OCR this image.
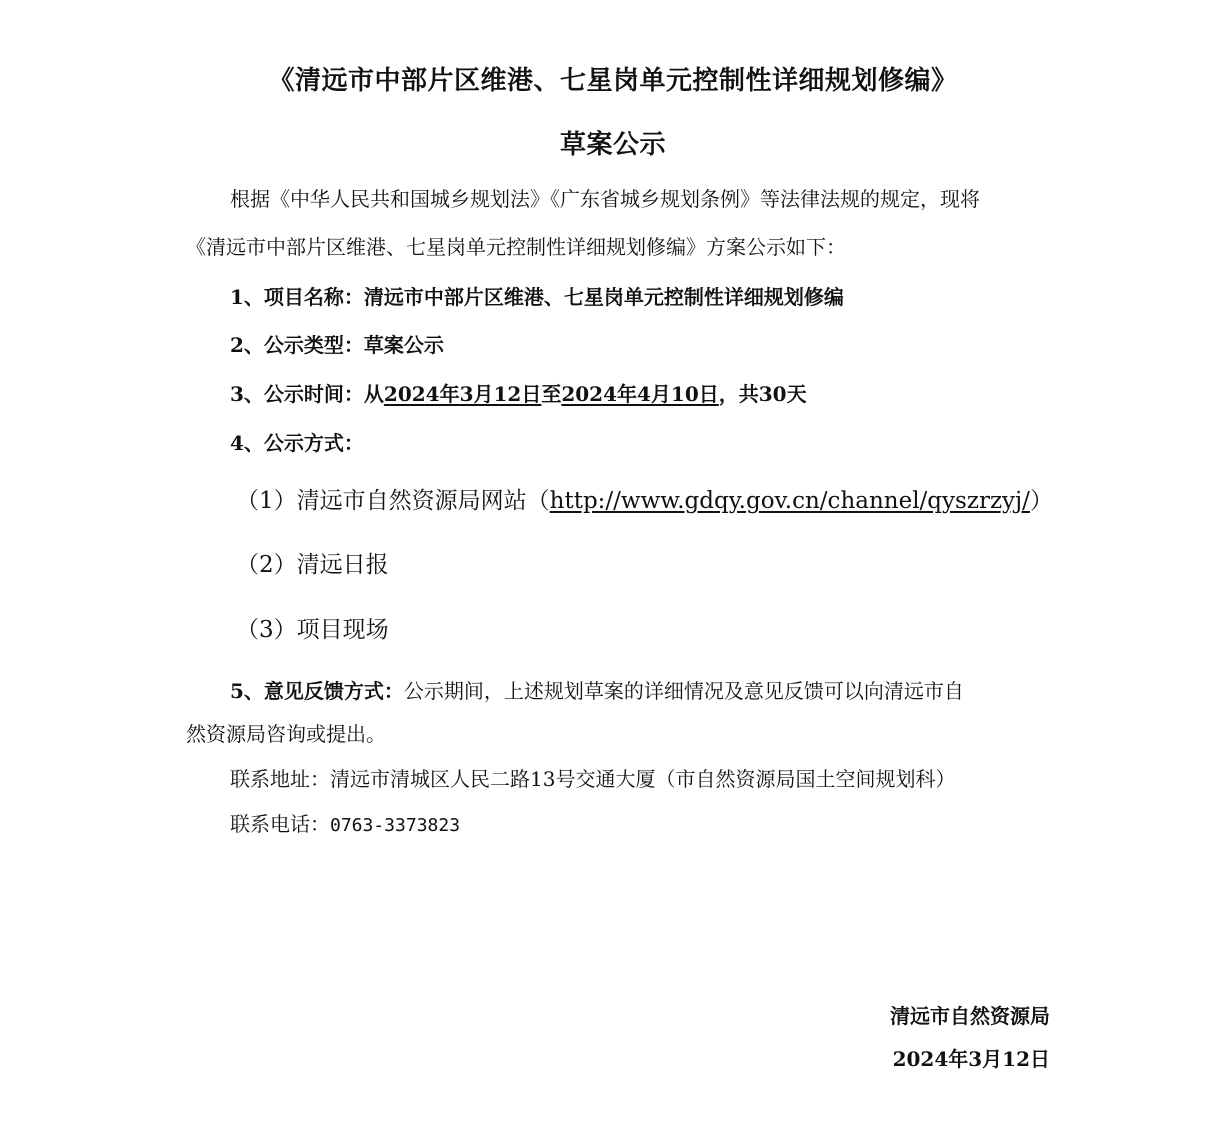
《清远市中部片区维港、七星岗单元控制性详细规划修编》
草案公示
根据《中华人民共和国城乡规划法》《广东省城乡规划条例》等法律法规的规定，现将
《清远市中部片区维港、七星岗单元控制性详细规划修编》方案公示如下：
1、项目名称：清远市中部片区维港、七星岗单元控制性详细规划修编
2、公示类型：草案公示
3、公示时间：从2024年3月12日至2024年4月10日，共30天
4、公示方式：
（1）清远市自然资源局网站（http://www.gdqy.gov.cn/channel/qyszrzyj/）
（2）清远日报
（3）项目现场
5、意见反馈方式：公示期间，上述规划草案的详细情况及意见反馈可以向清远市自
然资源局咨询或提出。
联系地址：清远市清城区人民二路13号交通大厦（市自然资源局国土空间规划科）
联系电话：0763-3373823
清远市自然资源局
2024年3月12日
